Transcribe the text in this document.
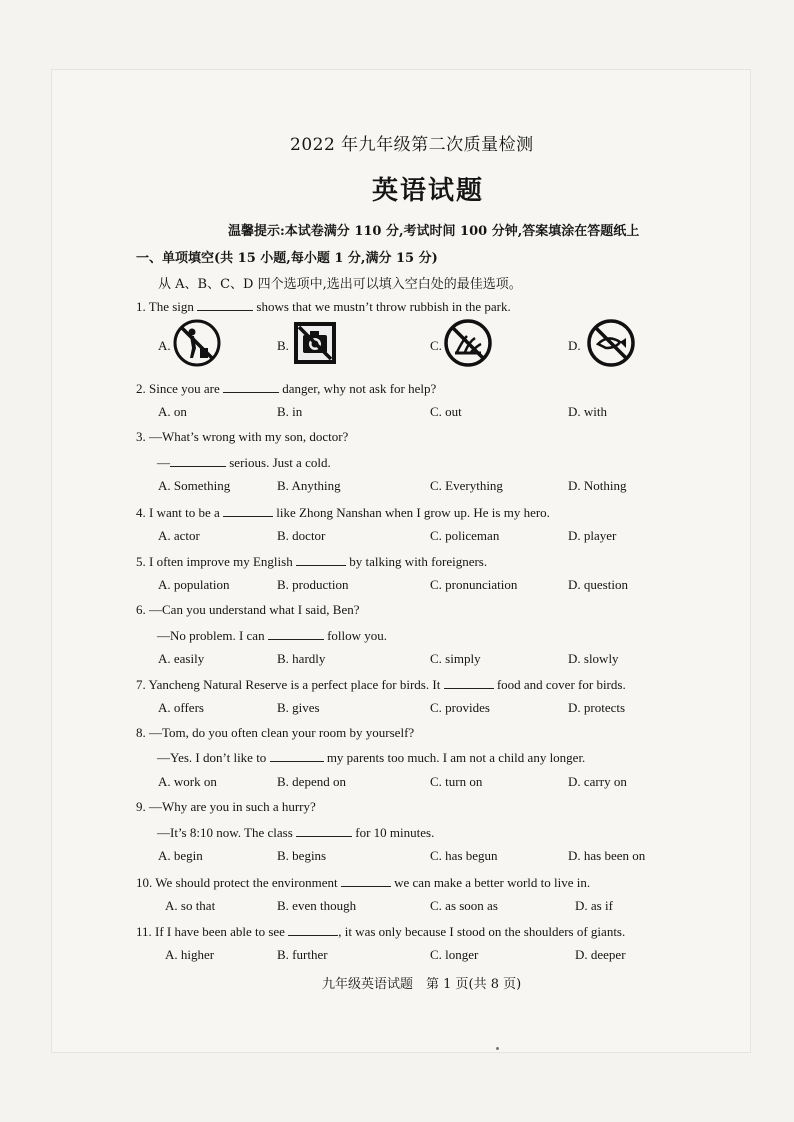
2022 年九年级第二次质量检测
英语试题
温馨提示:本试卷满分 110 分,考试时间 100 分钟,答案填涂在答题纸上
一、单项填空(共 15 小题,每小题 1 分,满分 15 分)
从 A、B、C、D 四个选项中,选出可以填入空白处的最佳选项。
1. The sign	shows that we mustn’t throw rubbish in the park.
A.	B.	C.	D.
2. Since you are	danger, why not ask for help?
A. on	B. in	C. out	D. with
3. —What’s wrong with my son, doctor?
—	serious. Just a cold.
A. Something	B. Anything	C. Everything	D. Nothing
4. I want to be a	like Zhong Nanshan when I grow up. He is my hero.
A. actor	B. doctor	C. policeman	D. player
5. I often improve my English	by talking with foreigners.
A. population	B. production	C. pronunciation	D. question
6. —Can you understand what I said, Ben?
—No problem. I can	follow you.
A. easily	B. hardly	C. simply	D. slowly
7. Yancheng Natural Reserve is a perfect place for birds. It	food and cover for birds.
A. offers	B. gives	C. provides	D. protects
8. —Tom, do you often clean your room by yourself?
—Yes. I don’t like to	my parents too much. I am not a child any longer.
A. work on	B. depend on	C. turn on	D. carry on
9. —Why are you in such a hurry?
—It’s 8:10 now. The class	for 10 minutes.
A. begin	B. begins	C. has begun	D. has been on
10. We should protect the environment	we can make a better world to live in.
A. so that	B. even though	C. as soon as	D. as if
11. If I have been able to see	, it was only because I stood on the shoulders of giants.
A. higher	B. further	C. longer	D. deeper
九年级英语试题　第 1 页(共 8 页)
